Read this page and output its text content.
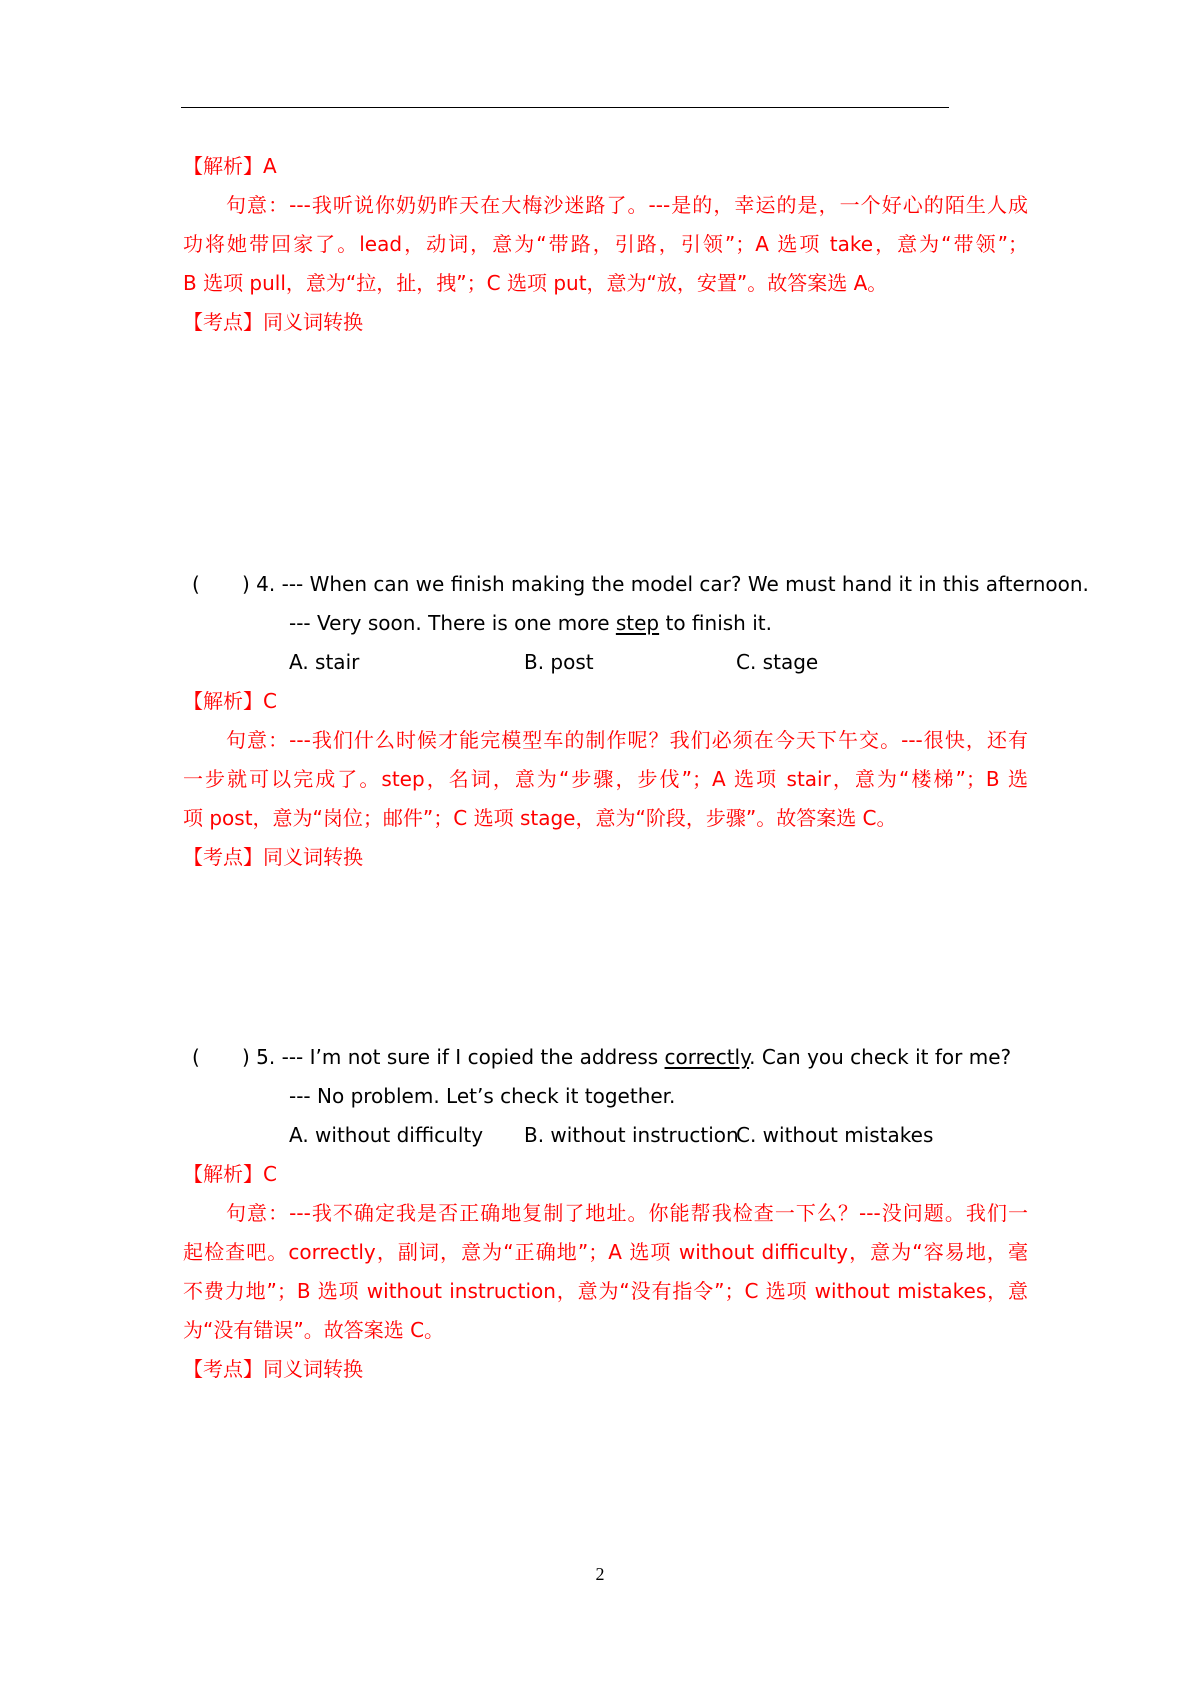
【解析】A
句意：---我听说你奶奶昨天在大梅沙迷路了。---是的，幸运的是，一个好心的陌生人成
功将她带回家了。lead，动词，意为“带路，引路，引领”；A 选项 take，意为“带领”；
B 选项 pull，意为“拉，扯，拽”；C 选项 put，意为“放，安置”。故答案选 A。
【考点】同义词转换
( ) 4. --- When can we finish making the model car? We must hand it in this afternoon.
--- Very soon. There is one more step to finish it.
A. stair	B. post	C. stage
【解析】C
句意：---我们什么时候才能完模型车的制作呢？我们必须在今天下午交。---很快，还有
一步就可以完成了。step，名词，意为“步骤，步伐”；A 选项 stair，意为“楼梯”；B 选
项 post，意为“岗位；邮件”；C 选项 stage，意为“阶段，步骤”。故答案选 C。
【考点】同义词转换
( ) 5. --- I’m not sure if I copied the address correctly. Can you check it for me?
--- No problem. Let’s check it together.
A. without difficulty B. without instruction
C. without mistakes
【解析】C
句意：---我不确定我是否正确地复制了地址。你能帮我检查一下么？---没问题。我们一
起检查吧。correctly，副词，意为“正确地”；A 选项 without difficulty，意为“容易地，毫
不费力地”；B 选项 without instruction，意为“没有指令”；C 选项 without mistakes，意
为“没有错误”。故答案选 C。
【考点】同义词转换
2
